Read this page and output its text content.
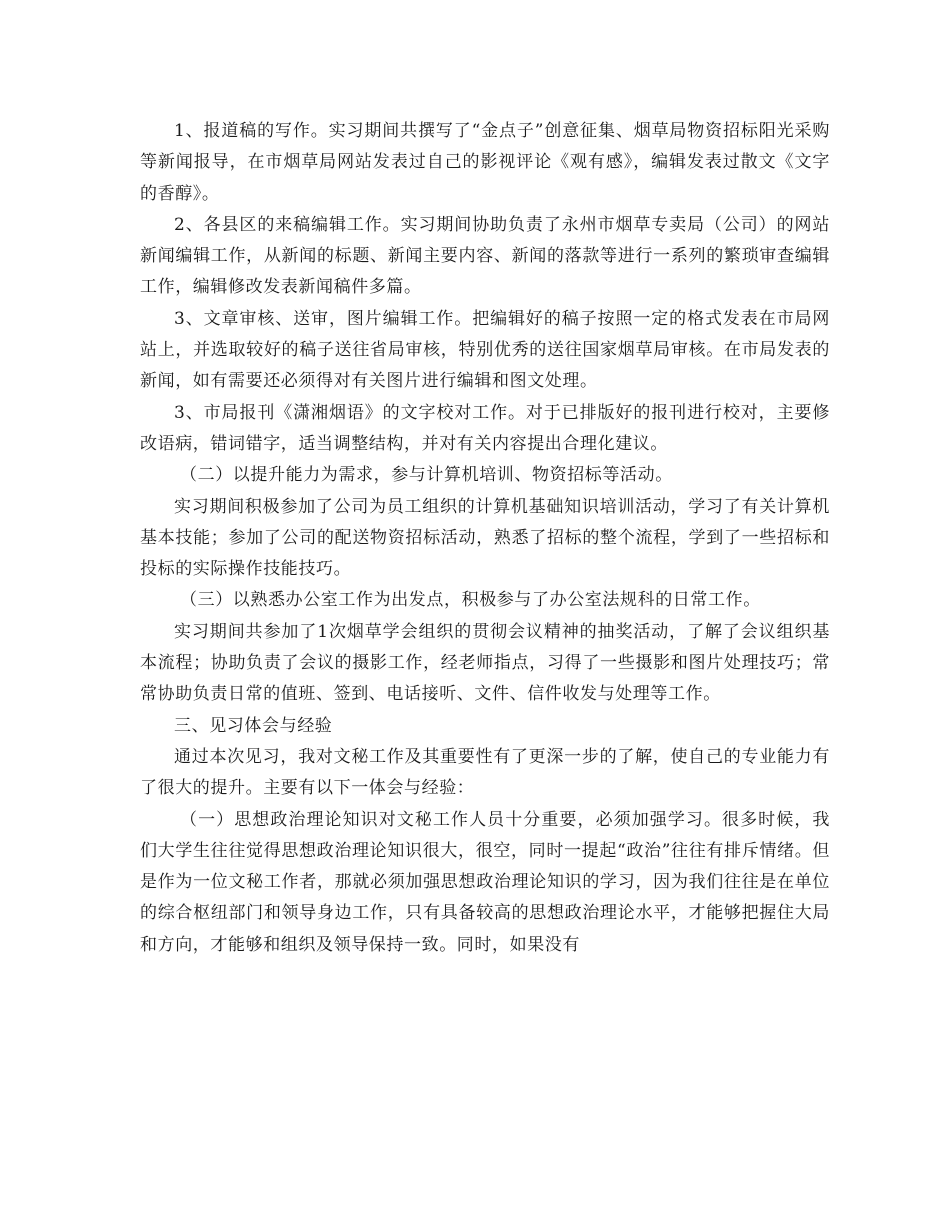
1、报道稿的写作。实习期间共撰写了“金点子”创意征集、烟草局物资招标阳光采购等新闻报导，在市烟草局网站发表过自己的影视评论《观有感》，编辑发表过散文《文字的香醇》。

2、各县区的来稿编辑工作。实习期间协助负责了永州市烟草专卖局（公司）的网站新闻编辑工作，从新闻的标题、新闻主要内容、新闻的落款等进行一系列的繁琐审查编辑工作，编辑修改发表新闻稿件多篇。

3、文章审核、送审，图片编辑工作。把编辑好的稿子按照一定的格式发表在市局网站上，并选取较好的稿子送往省局审核，特别优秀的送往国家烟草局审核。在市局发表的新闻，如有需要还必须得对有关图片进行编辑和图文处理。

3、市局报刊《潇湘烟语》的文字校对工作。对于已排版好的报刊进行校对，主要修改语病，错词错字，适当调整结构，并对有关内容提出合理化建议。

（二）以提升能力为需求，参与计算机培训、物资招标等活动。

实习期间积极参加了公司为员工组织的计算机基础知识培训活动，学习了有关计算机基本技能；参加了公司的配送物资招标活动，熟悉了招标的整个流程，学到了一些招标和投标的实际操作技能技巧。

（三）以熟悉办公室工作为出发点，积极参与了办公室法规科的日常工作。

实习期间共参加了1次烟草学会组织的贯彻会议精神的抽奖活动，了解了会议组织基本流程；协助负责了会议的摄影工作，经老师指点，习得了一些摄影和图片处理技巧；常常协助负责日常的值班、签到、电话接听、文件、信件收发与处理等工作。

三、见习体会与经验

通过本次见习，我对文秘工作及其重要性有了更深一步的了解，使自己的专业能力有了很大的提升。主要有以下一体会与经验：

（一）思想政治理论知识对文秘工作人员十分重要，必须加强学习。很多时候，我们大学生往往觉得思想政治理论知识很大，很空，同时一提起“政治”往往有排斥情绪。但是作为一位文秘工作者，那就必须加强思想政治理论知识的学习，因为我们往往是在单位的综合枢纽部门和领导身边工作，只有具备较高的思想政治理论水平，才能够把握住大局和方向，才能够和组织及领导保持一致。同时，如果没有
